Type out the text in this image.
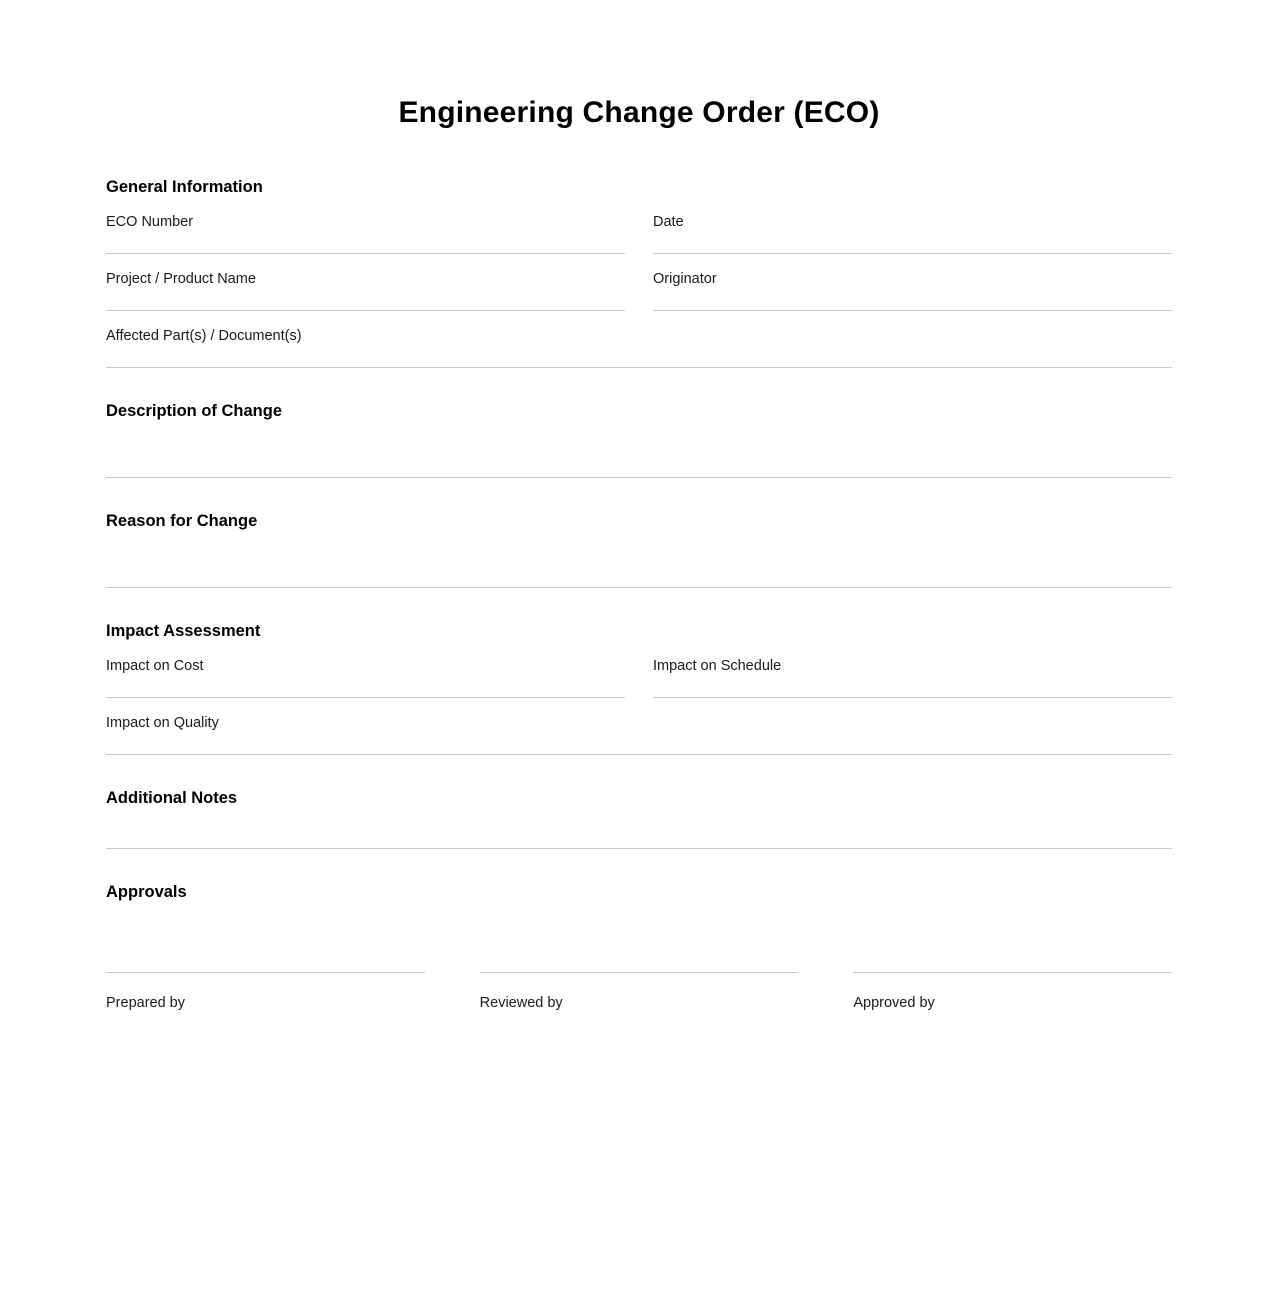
Engineering Change Order (ECO)
General Information
ECO Number	Date
Project / Product Name	Originator
Affected Part(s) / Document(s)
Description of Change
Reason for Change
Impact Assessment
Impact on Cost	Impact on Schedule
Impact on Quality
Additional Notes
Approvals
Prepared by	Reviewed by	Approved by
